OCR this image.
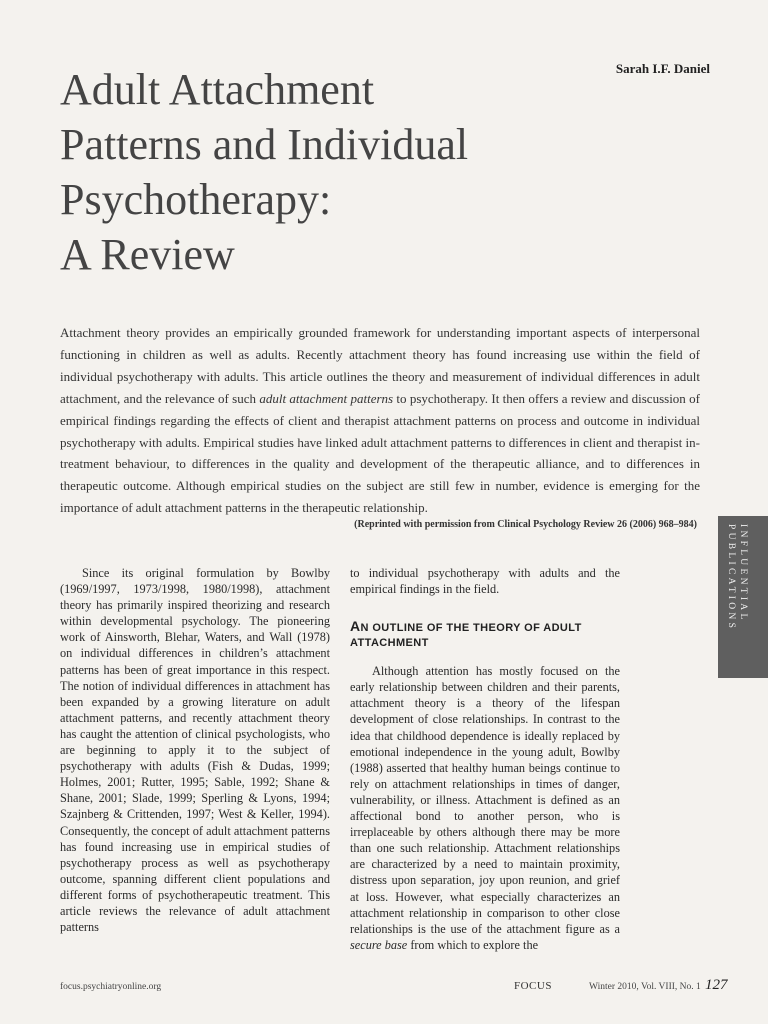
Sarah I.F. Daniel
Adult Attachment
Patterns and Individual
Psychotherapy:
A Review
Attachment theory provides an empirically grounded framework for understanding important aspects of interpersonal functioning in children as well as adults. Recently attachment theory has found increasing use within the field of individual psychotherapy with adults. This article outlines the theory and measurement of individual differences in adult attachment, and the relevance of such adult attachment patterns to psychotherapy. It then offers a review and discussion of empirical findings regarding the effects of client and therapist attachment patterns on process and outcome in individual psychotherapy with adults. Empirical studies have linked adult attachment patterns to differences in client and therapist in-treatment behaviour, to differences in the quality and development of the therapeutic alliance, and to differences in therapeutic outcome. Although empirical studies on the subject are still few in number, evidence is emerging for the importance of adult attachment patterns in the therapeutic relationship.
(Reprinted with permission from Clinical Psychology Review 26 (2006) 968–984)

Since its original formulation by Bowlby (1969/1997, 1973/1998, 1980/1998), attachment theory has primarily inspired theorizing and research within developmental psychology. The pioneering work of Ainsworth, Blehar, Waters, and Wall (1978) on individual differences in children’s attachment patterns has been of great importance in this respect. The notion of individual differences in attachment has been expanded by a growing literature on adult attachment patterns, and recently attachment theory has caught the attention of clinical psychologists, who are beginning to apply it to the subject of psychotherapy with adults (Fish & Dudas, 1999; Holmes, 2001; Rutter, 1995; Sable, 1992; Shane & Shane, 2001; Slade, 1999; Sperling & Lyons, 1994; Szajnberg & Crittenden, 1997; West & Keller, 1994). Consequently, the concept of adult attachment patterns has found increasing use in empirical studies of psychotherapy process as well as psychotherapy outcome, spanning different client populations and different forms of psychotherapeutic treatment. This article reviews the relevance of adult attachment patterns

to individual psychotherapy with adults and the empirical findings in the field.

AN OUTLINE OF THE THEORY OF ADULT ATTACHMENT

Although attention has mostly focused on the early relationship between children and their parents, attachment theory is a theory of the lifespan development of close relationships. In contrast to the idea that childhood dependence is ideally replaced by emotional independence in the young adult, Bowlby (1988) asserted that healthy human beings continue to rely on attachment relationships in times of danger, vulnerability, or illness. Attachment is defined as an affectional bond to another person, who is irreplaceable by others although there may be more than one such relationship. Attachment relationships are characterized by a need to maintain proximity, distress upon separation, joy upon reunion, and grief at loss. However, what especially characterizes an attachment relationship in comparison to other close relationships is the use of the attachment figure as a secure base from which to explore the

INFLUENTIAL
PUBLICATIONS
focus.psychiatryonline.org	FOCUS	Winter 2010, Vol. VIII, No. 1 127
